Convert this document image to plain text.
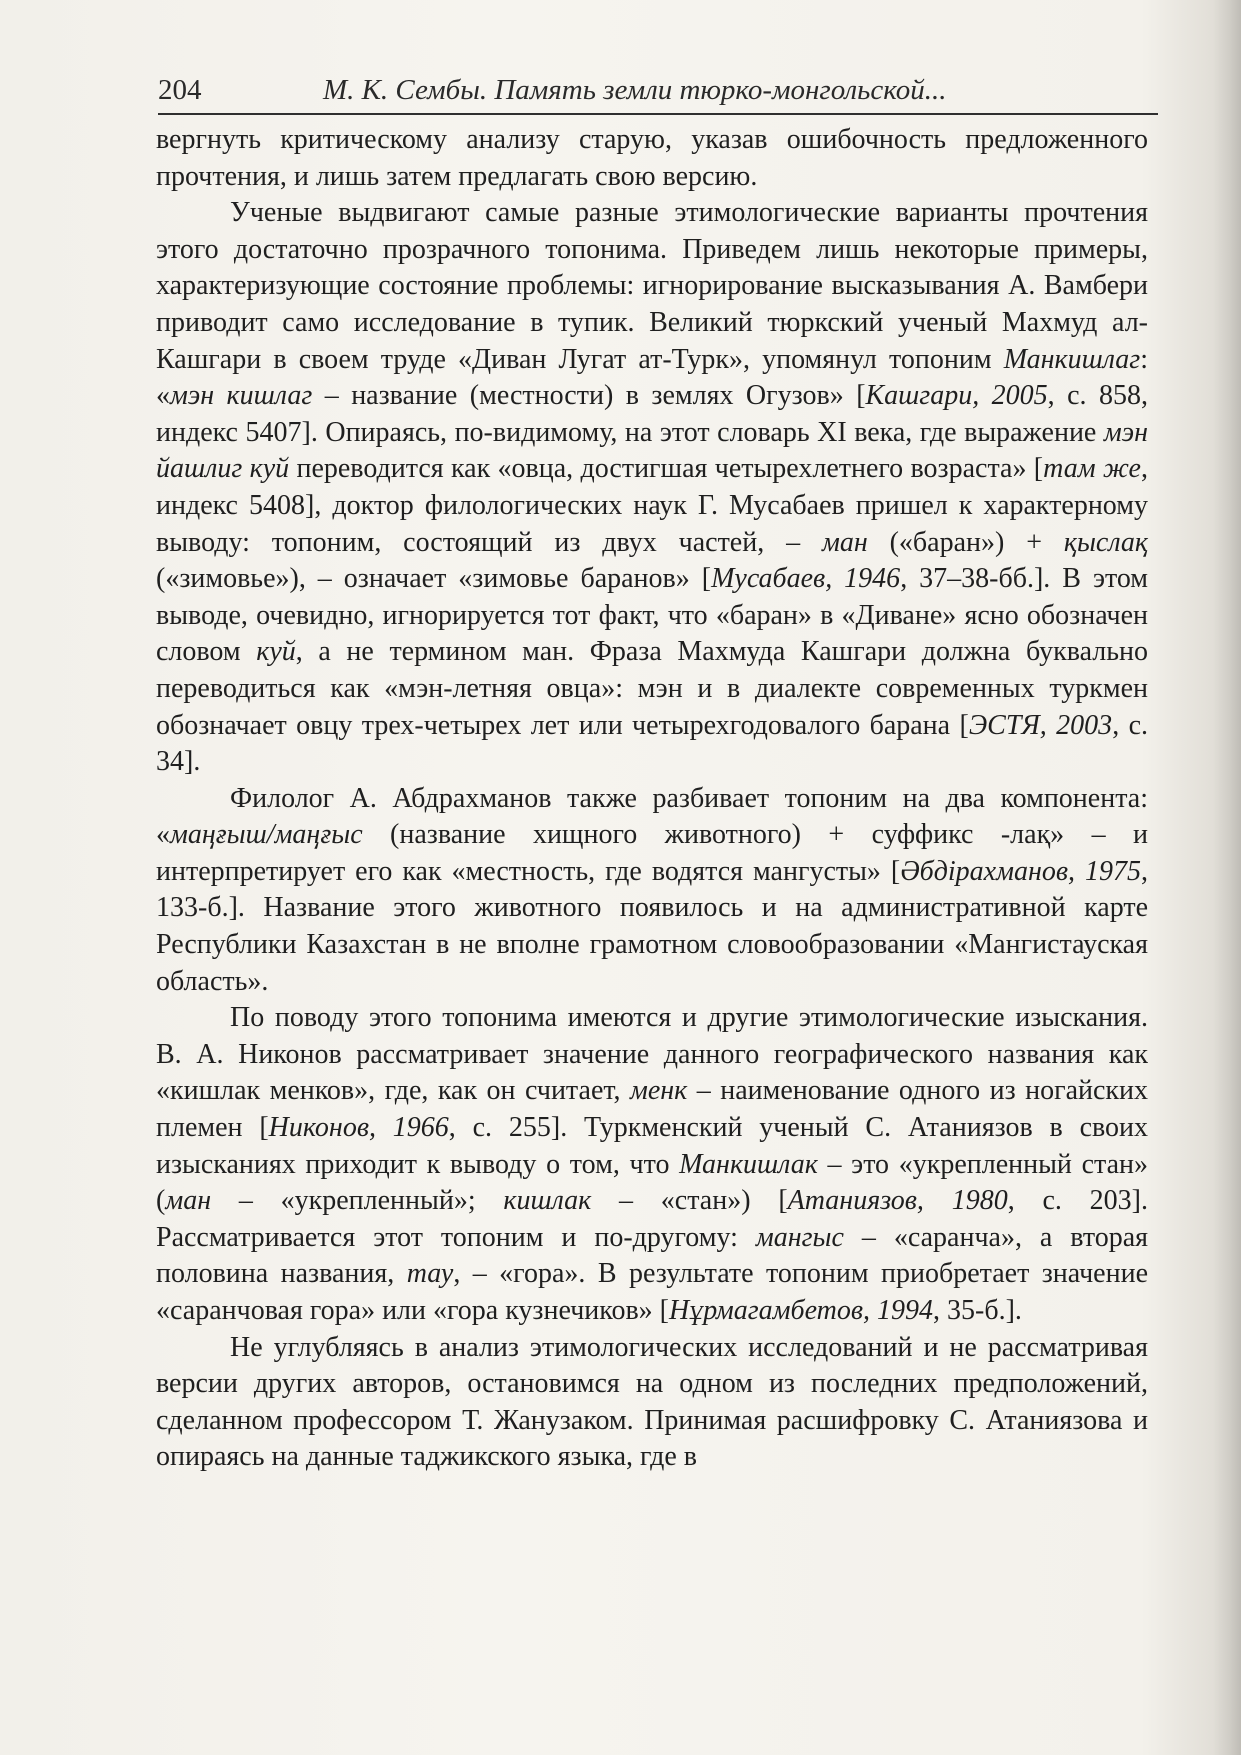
204	М. К. Сембы. Память земли тюрко-монгольской...

вергнуть критическому анализу старую, указав ошибочность предложенного прочтения, и лишь затем предлагать свою версию.

Ученые выдвигают самые разные этимологические варианты прочтения этого достаточно прозрачного топонима. Приведем лишь некоторые примеры, характеризующие состояние проблемы: игнорирование высказывания А. Вамбери приводит само исследование в тупик. Великий тюркский ученый Махмуд ал-Кашгари в своем труде «Диван Лугат ат-Турк», упомянул топоним Манкишлаг: «мэн кишлаг – название (местности) в землях Огузов» [Кашгари, 2005, с. 858, индекс 5407]. Опираясь, по-видимому, на этот словарь XI века, где выражение мэн йашлиг куй переводится как «овца, достигшая четырехлетнего возраста» [там же, индекс 5408], доктор филологических наук Г. Мусабаев пришел к характерному выводу: топоним, состоящий из двух частей, – ман («баран») + қыслақ («зимовье»), – означает «зимовье баранов» [Мусабаев, 1946, 37–38-бб.]. В этом выводе, очевидно, игнорируется тот факт, что «баран» в «Диване» ясно обозначен словом куй, а не термином ман. Фраза Махмуда Кашгари должна буквально переводиться как «мэн-летняя овца»: мэн и в диалекте современных туркмен обозначает овцу трех-четырех лет или четырехгодовалого барана [ЭСТЯ, 2003, с. 34].

Филолог А. Абдрахманов также разбивает топоним на два компонента: «маңғыш/маңғыс (название хищного животного) + суффикс -лақ» – и интерпретирует его как «местность, где водятся мангусты» [Әбдірахманов, 1975, 133-б.]. Название этого животного появилось и на административной карте Республики Казахстан в не вполне грамотном словообразовании «Мангистауская область».

По поводу этого топонима имеются и другие этимологические изыскания. В. А. Никонов рассматривает значение данного географического названия как «кишлак менков», где, как он считает, менк – наименование одного из ногайских племен [Никонов, 1966, с. 255]. Туркменский ученый С. Атаниязов в своих изысканиях приходит к выводу о том, что Манкишлак – это «укрепленный стан» (ман – «укрепленный»; кишлак – «стан») [Атаниязов, 1980, с. 203]. Рассматривается этот топоним и по-другому: мангыс – «саранча», а вторая половина названия, тау, – «гора». В результате топоним приобретает значение «саранчовая гора» или «гора кузнечиков» [Нұрмагамбетов, 1994, 35-б.].

Не углубляясь в анализ этимологических исследований и не рассматривая версии других авторов, остановимся на одном из последних предположений, сделанном профессором Т. Жанузаком. Принимая расшифровку С. Атаниязова и опираясь на данные таджикского языка, где в
